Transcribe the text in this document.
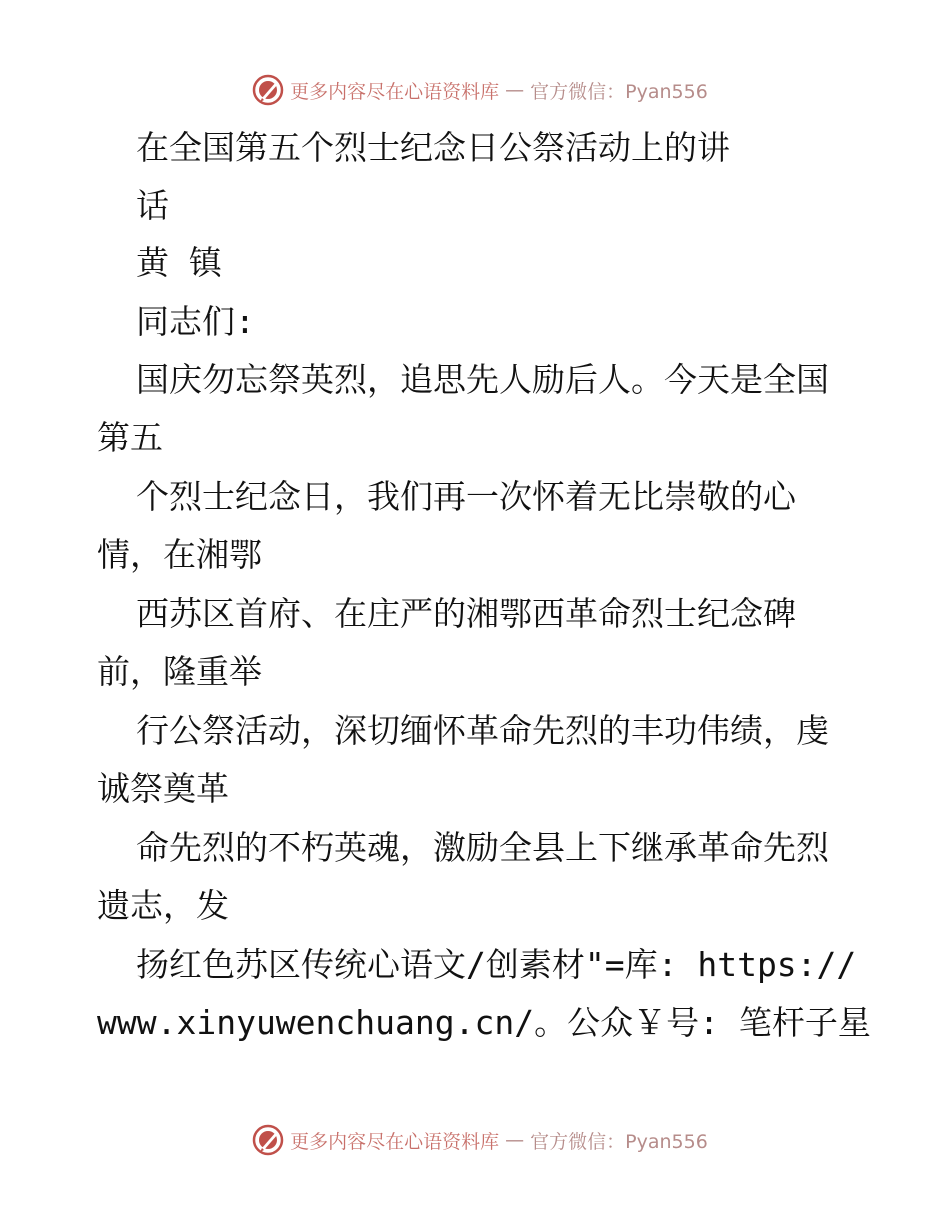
更多内容尽在心语资料库 — 官方微信：Pyan556
在全国第五个烈士纪念日公祭活动上的讲
话
黄 镇
同志们:
国庆勿忘祭英烈，追思先人励后人。今天是全国
第五
个烈士纪念日，我们再一次怀着无比崇敬的心
情，在湘鄂
西苏区首府、在庄严的湘鄂西革命烈士纪念碑
前，隆重举
行公祭活动，深切缅怀革命先烈的丰功伟绩，虔
诚祭奠革
命先烈的不朽英魂，激励全县上下继承革命先烈
遗志，发
扬红色苏区传统心语文/创素材"=库: https://
www.xinyuwenchuang.cn/。公众￥号: 笔杆子星
更多内容尽在心语资料库 — 官方微信：Pyan556
